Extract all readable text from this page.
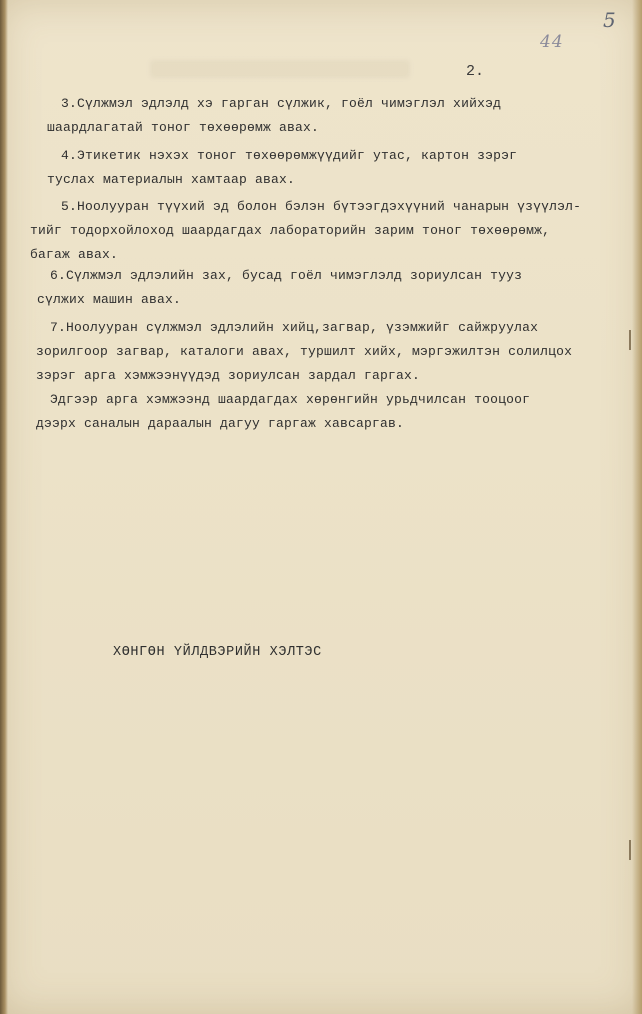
5
44
2.
3.Сүлжмэл эдлэлд хэ гарган сүлжик, гоёл чимэглэл хийхэд
шаардлагатай тоног төхөөрөмж авах.
4.Этикетик нэхэх тоног төхөөрөмжүүдийг утас, картон зэрэг
туслах материалын хамтаар авах.
5.Ноолууран түүхий эд болон бэлэн бүтээгдэхүүний чанарын үзүүлэл-
тийг тодорхойлоход шаардагдах лабораторийн зарим тоног төхөөрөмж,
багаж авах.
6.Сүлжмэл эдлэлийн зах, бусад гоёл чимэглэлд зориулсан тууз
сүлжих машин авах.
7.Ноолууран сүлжмэл эдлэлийн хийц,загвар, үзэмжийг сайжруулах
зорилгоор загвар, каталоги авах, туршилт хийх, мэргэжилтэн солилцох
зэрэг арга хэмжээнүүдэд зориулсан зардал гаргах.
Эдгээр арга хэмжээнд шаардагдах хөрөнгийн урьдчилсан тооцоог
дээрх саналын дараалын дагуу гаргаж хавсаргав.
ХӨНГӨН ҮЙЛДВЭРИЙН ХЭЛТЭС
